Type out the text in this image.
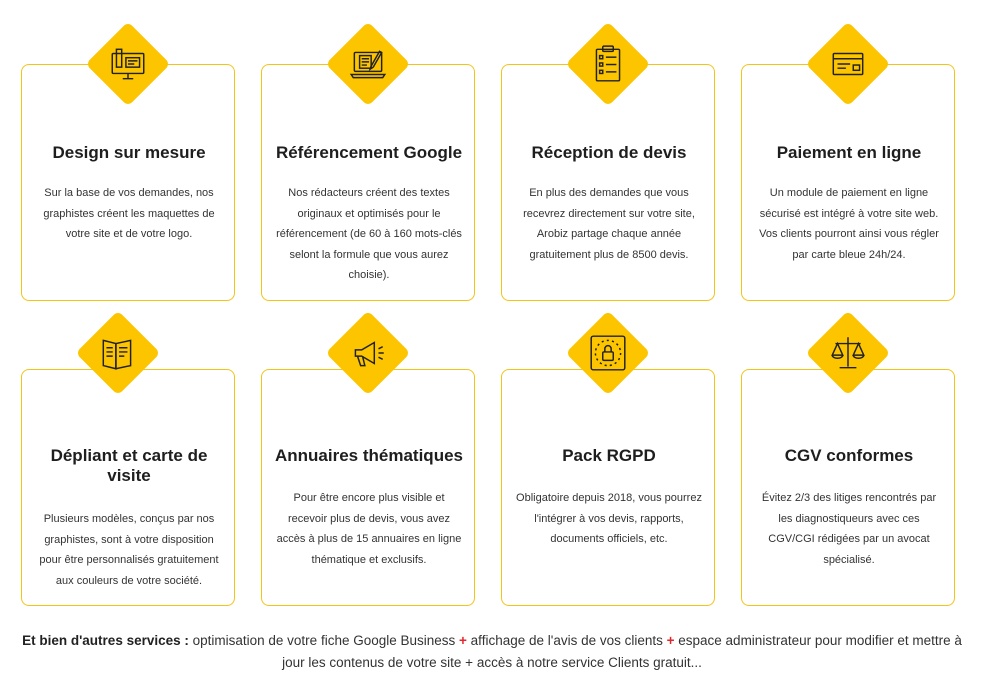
Design sur mesure
Sur la base de vos demandes, nos graphistes créent les maquettes de votre site et de votre logo.
Référencement Google
Nos rédacteurs créent des textes originaux et optimisés pour le référencement (de 60 à 160 mots-clés selont la formule que vous aurez choisie).
Réception de devis
En plus des demandes que vous recevrez directement sur votre site, Arobiz partage chaque année gratuitement plus de 8500 devis.
Paiement en ligne
Un module de paiement en ligne sécurisé est intégré à votre site web. Vos clients pourront ainsi vous régler par carte bleue 24h/24.
Dépliant et carte de visite
Plusieurs modèles, conçus par nos graphistes, sont à votre disposition pour être personnalisés gratuitement aux couleurs de votre société.
Annuaires thématiques
Pour être encore plus visible et recevoir plus de devis, vous avez accès à plus de 15 annuaires en ligne thématique et exclusifs.
Pack RGPD
Obligatoire depuis 2018, vous pourrez l'intégrer à vos devis, rapports, documents officiels, etc.
CGV conformes
Évitez 2/3 des litiges rencontrés par les diagnostiqueurs avec ces CGV/CGI rédigées par un avocat spécialisé.
Et bien d'autres services : optimisation de votre fiche Google Business + affichage de l'avis de vos clients + espace administrateur pour modifier et mettre à jour les contenus de votre site + accès à notre service Clients gratuit...
